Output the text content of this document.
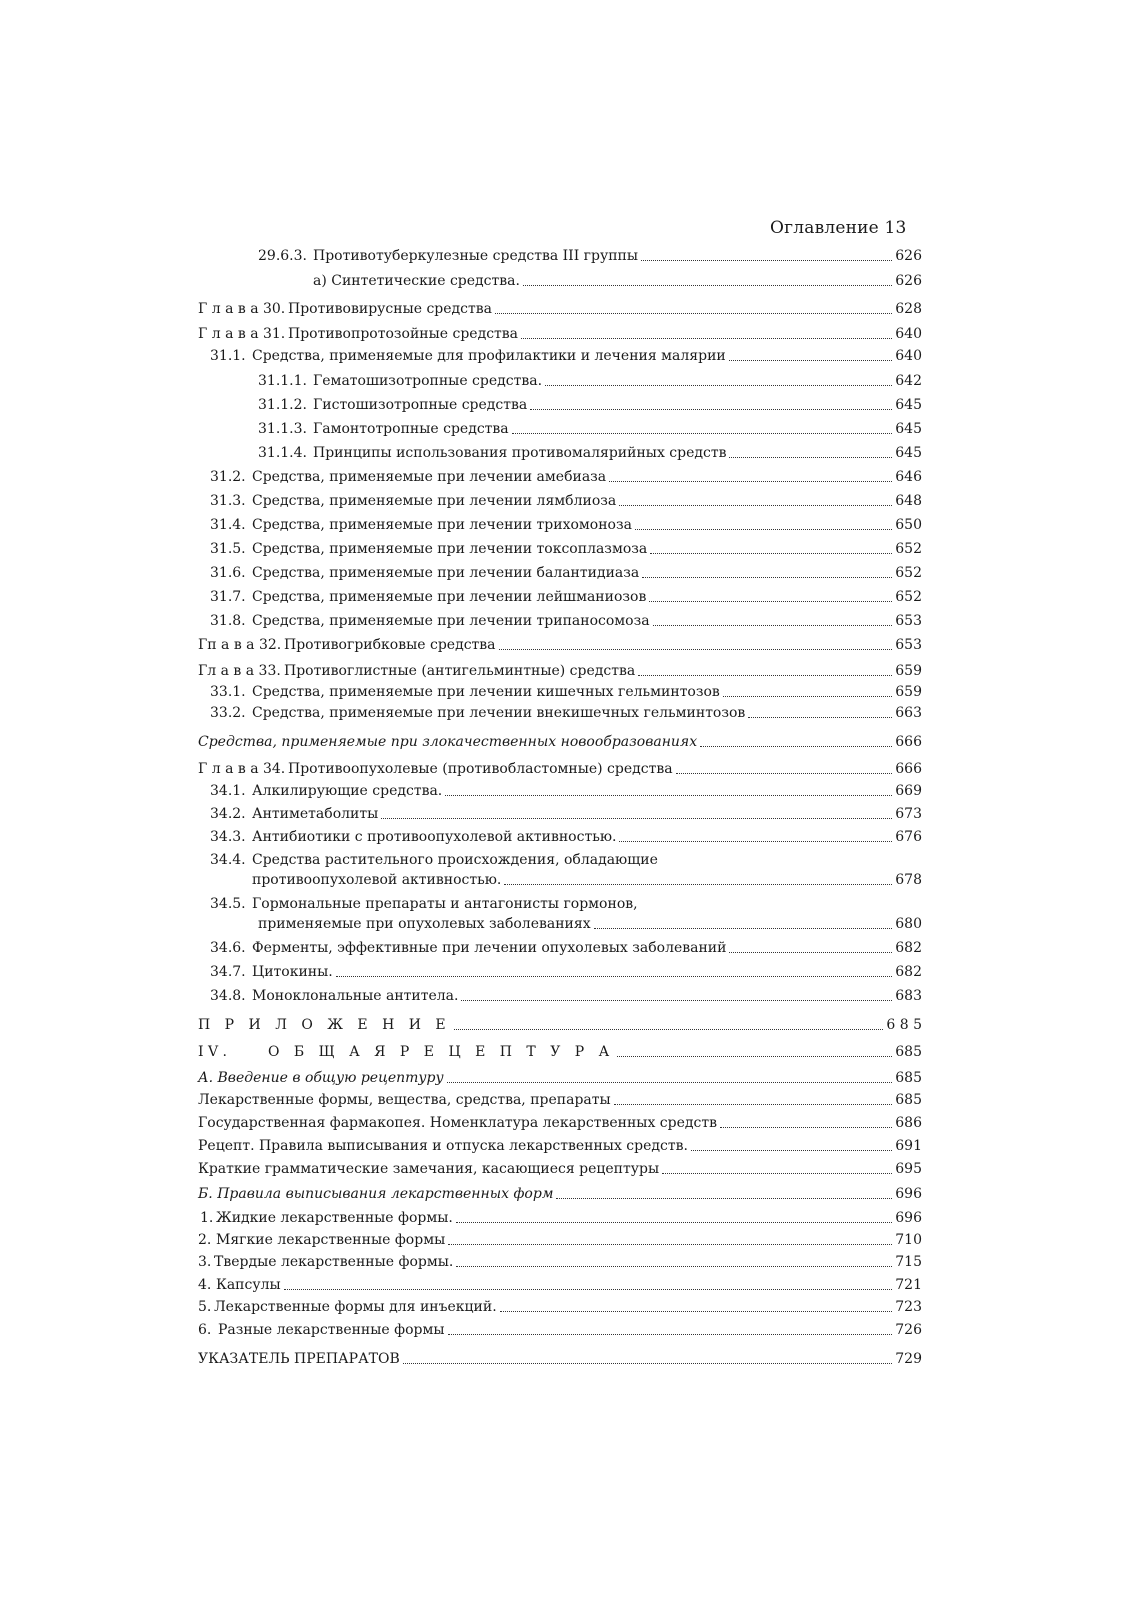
Оглавление 13
29.6.3. Противотуберкулезные средства III группы	626
а) Синтетические средства.	626
Г л а в а 30. Противовирусные средства	628
Г л а в а 31. Противопротозойные средства	640
31.1. Средства, применяемые для профилактики и лечения малярии	640
31.1.1. Гематошизотропные средства.	642
31.1.2. Гистошизотропные средства	645
31.1.3. Гамонтотропные средства	645
31.1.4. Принципы использования противомалярийных средств	645
31.2. Средства, применяемые при лечении амебиаза	646
31.3. Средства, применяемые при лечении лямблиоза	648
31.4. Средства, применяемые при лечении трихомоноза	650
31.5. Средства, применяемые при лечении токсоплазмоза	652
31.6. Средства, применяемые при лечении балантидиаза	652
31.7. Средства, применяемые при лечении лейшманиозов	652
31.8. Средства, применяемые при лечении трипаносомоза	653
Гп а в а 32. Противогрибковые средства	653
Гл а в а 33. Противоглистные (антигельминтные) средства	659
33.1. Средства, применяемые при лечении кишечных гельминтозов	659
33.2. Средства, применяемые при лечении внекишечных гельминтозов	663
Средства, применяемые при злокачественных новообразованиях	666
Г л а в а 34. Противоопухолевые (противобластомные) средства	666
34.1. Алкилирующие средства.	669
34.2. Антиметаболиты	673
34.3. Антибиотики с противоопухолевой активностью.	676
34.4. Средства растительного происхождения, обладающие
противоопухолевой активностью.	678
34.5. Гормональные препараты и антагонисты гормонов,
применяемые при опухолевых заболеваниях	680
34.6. Ферменты, эффективные при лечении опухолевых заболеваний	682
34.7. Цитокины.	682
34.8. Моноклональные антитела.	683
П Р И Л О Ж Е Н И Е	6 8 5
I V .	О Б Щ А Я Р Е Ц Е П Т У Р А	685
А. Введение в общую рецептуру	685
Лекарственные формы, вещества, средства, препараты	685
Государственная фармакопея. Номенклатура лекарственных средств	686
Рецепт. Правила выписывания и отпуска лекарственных средств.	691
Краткие грамматические замечания, касающиеся рецептуры	695
Б. Правила выписывания лекарственных форм	696
1. Жидкие лекарственные формы.	696
2. Мягкие лекарственные формы	710
3. Твердые лекарственные формы.	715
4. Капсулы	721
5. Лекарственные формы для инъекций.	723
6. Разные лекарственные формы	726
УКАЗАТЕЛЬ ПРЕПАРАТОВ	729
